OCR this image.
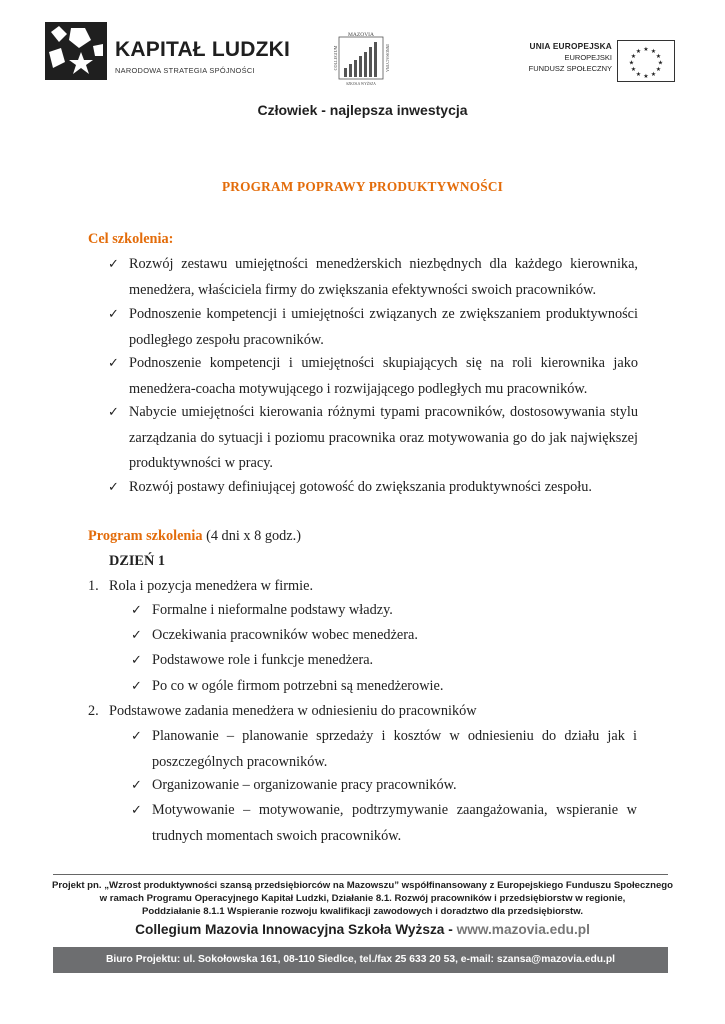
KAPITAŁ LUDZKI
NARODOWA STRATEGIA SPÓJNOŚCI
MAZOVIA
SZKOŁA WYŻSZA
COLLEGIUM	INNOWACYJNA	UNIA EUROPEJSKA
EUROPEJSKI
FUNDUSZ SPOŁECZNY
★ ★
★
★
★
★
★
★
★
★
★
★
Człowiek - najlepsza inwestycja
PROGRAM POPRAWY PRODUKTYWNOŚCI
Cel szkolenia:
✓ Rozwój zestawu umiejętności menedżerskich niezbędnych dla każdego kierownika, menedżera, właściciela firmy do zwiększania efektywności swoich pracowników.
✓ Podnoszenie kompetencji i umiejętności związanych ze zwiększaniem produktywności podległego zespołu pracowników.
✓ Podnoszenie kompetencji i umiejętności skupiających się na roli kierownika jako menedżera-coacha motywującego i rozwijającego podległych mu pracowników.
✓ Nabycie umiejętności kierowania różnymi typami pracowników, dostosowywania stylu zarządzania do sytuacji i poziomu pracownika oraz motywowania go do jak największej produktywności w pracy.
✓ Rozwój postawy definiującej gotowość do zwiększania produktywności zespołu.
Program szkolenia (4 dni x 8 godz.)
DZIEŃ 1
1. Rola i pozycja menedżera w firmie.
✓ Formalne i nieformalne podstawy władzy.
✓ Oczekiwania pracowników wobec menedżera.
✓ Podstawowe role i funkcje menedżera.
✓ Po co w ogóle firmom potrzebni są menedżerowie.
2. Podstawowe zadania menedżera w odniesieniu do pracowników
✓ Planowanie – planowanie sprzedaży i kosztów w odniesieniu do działu jak i poszczególnych pracowników.
✓ Organizowanie – organizowanie pracy pracowników.
✓ Motywowanie – motywowanie, podtrzymywanie zaangażowania, wspieranie w trudnych momentach swoich pracowników.
Projekt pn. „Wzrost produktywności szansą przedsiębiorców na Mazowszu” współfinansowany z Europejskiego Funduszu Społecznego
w ramach Programu Operacyjnego Kapitał Ludzki, Działanie 8.1. Rozwój pracowników i przedsiębiorstw w regionie,
Poddziałanie 8.1.1 Wspieranie rozwoju kwalifikacji zawodowych i doradztwo dla przedsiębiorstw.
Collegium Mazovia Innowacyjna Szkoła Wyższa - www.mazovia.edu.pl
Biuro Projektu: ul. Sokołowska 161, 08-110 Siedlce, tel./fax 25 633 20 53, e-mail: szansa@mazovia.edu.pl
